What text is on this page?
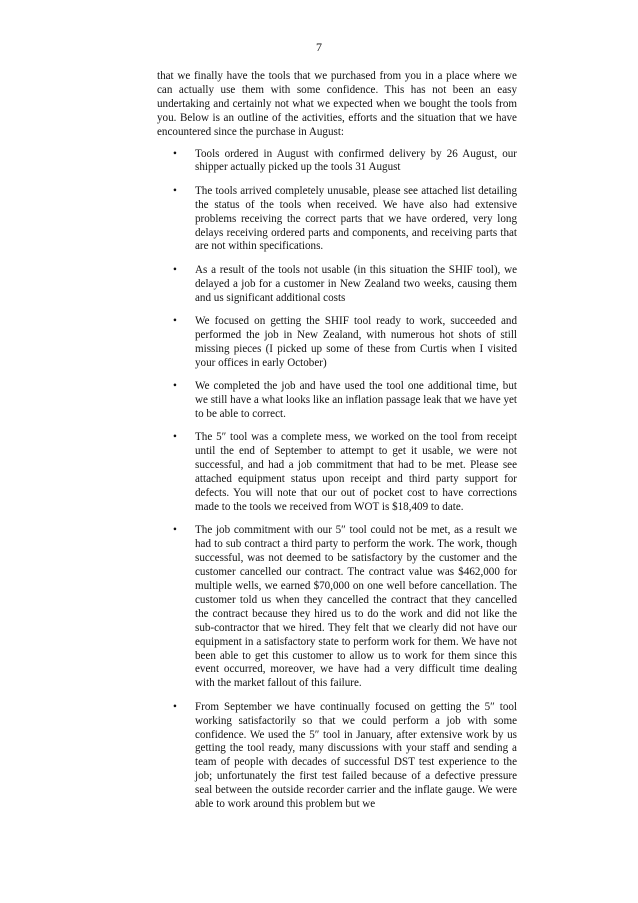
7

that we finally have the tools that we purchased from you in a place where we can actually use them with some confidence. This has not been an easy undertaking and certainly not what we expected when we bought the tools from you. Below is an outline of the activities, efforts and the situation that we have encountered since the purchase in August:

• Tools ordered in August with confirmed delivery by 26 August, our shipper actually picked up the tools 31 August
• The tools arrived completely unusable, please see attached list detailing the status of the tools when received. We have also had extensive problems receiving the correct parts that we have ordered, very long delays receiving ordered parts and components, and receiving parts that are not within specifications.
• As a result of the tools not usable (in this situation the SHIF tool), we delayed a job for a customer in New Zealand two weeks, causing them and us significant additional costs
• We focused on getting the SHIF tool ready to work, succeeded and performed the job in New Zealand, with numerous hot shots of still missing pieces (I picked up some of these from Curtis when I visited your offices in early October)
• We completed the job and have used the tool one additional time, but we still have a what looks like an inflation passage leak that we have yet to be able to correct.
• The 5″ tool was a complete mess, we worked on the tool from receipt until the end of September to attempt to get it usable, we were not successful, and had a job commitment that had to be met. Please see attached equipment status upon receipt and third party support for defects. You will note that our out of pocket cost to have corrections made to the tools we received from WOT is $18,409 to date.
• The job commitment with our 5″ tool could not be met, as a result we had to sub contract a third party to perform the work. The work, though successful, was not deemed to be satisfactory by the customer and the customer cancelled our contract. The contract value was $462,000 for multiple wells, we earned $70,000 on one well before cancellation. The customer told us when they cancelled the contract that they cancelled the contract because they hired us to do the work and did not like the sub-contractor that we hired. They felt that we clearly did not have our equipment in a satisfactory state to perform work for them. We have not been able to get this customer to allow us to work for them since this event occurred, moreover, we have had a very difficult time dealing with the market fallout of this failure.
• From September we have continually focused on getting the 5″ tool working satisfactorily so that we could perform a job with some confidence. We used the 5″ tool in January, after extensive work by us getting the tool ready, many discussions with your staff and sending a team of people with decades of successful DST test experience to the job; unfortunately the first test failed because of a defective pressure seal between the outside recorder carrier and the inflate gauge. We were able to work around this problem but we
